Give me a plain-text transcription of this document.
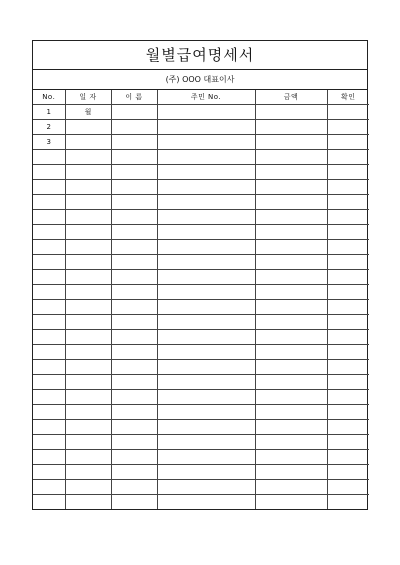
월별급여명세서
(주) OOO 대표이사
No.	일 자	이 름	주민 No.	금액	확인
1	월				
2					
3					
